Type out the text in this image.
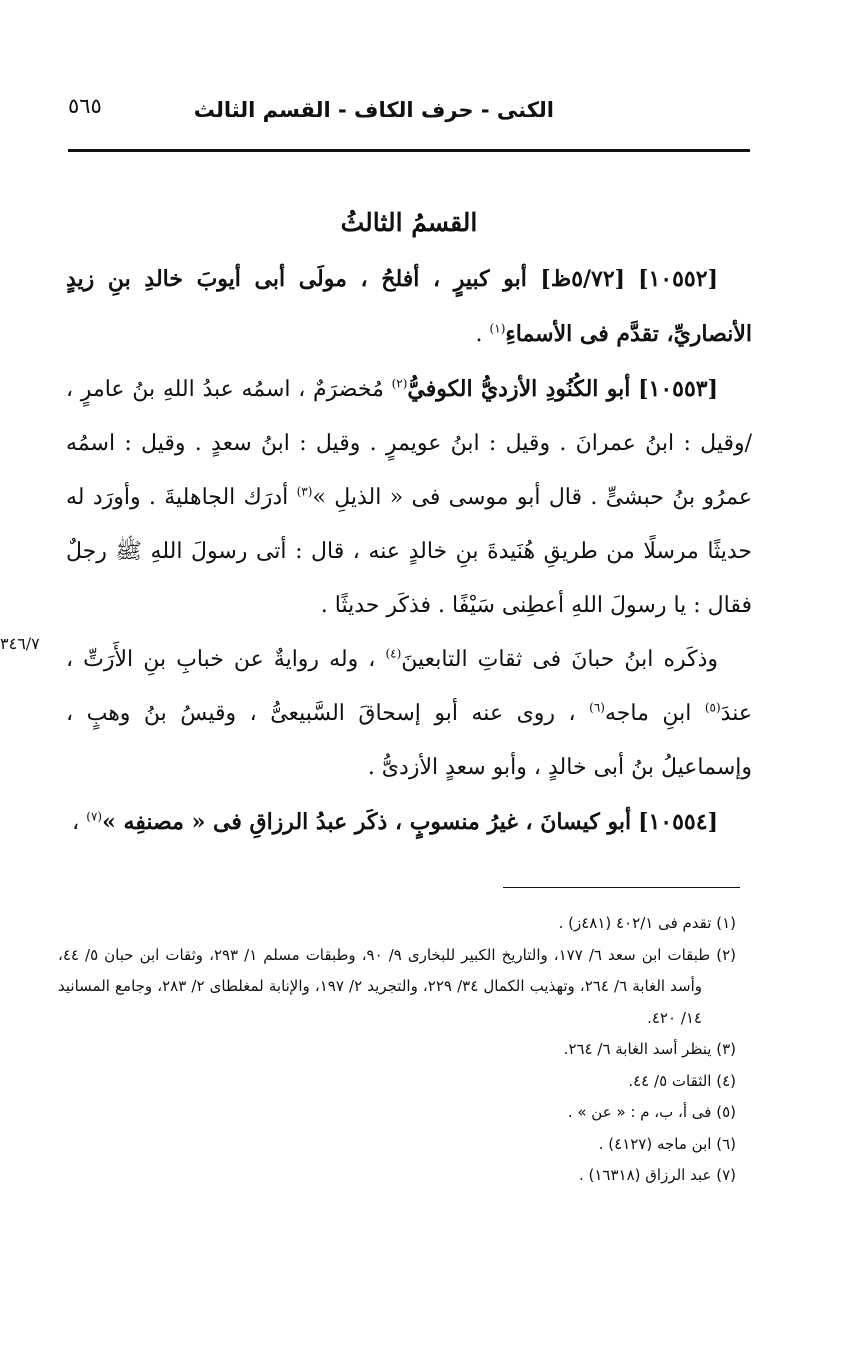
الكنى - حرف الكاف - القسم الثالث
٥٦٥
القسمُ الثالثُ

[١٠٥٥٢] [٥/٧٢ظ] أبو كبيرٍ ، أفلحُ ، مولَى أبى أيوبَ خالدِ بنِ زيدٍ الأنصاريِّ، تقدَّم فى الأسماءِ$^{(١)}$ .

[١٠٥٥٣] أبو الكُنُودِ الأزديُّ الكوفيُّ$^{(٢)}$ مُخضرَمٌ ، اسمُه عبدُ اللهِ بنُ عامرٍ ، /وقيل : ابنُ عمرانَ . وقيل : ابنُ عويمرٍ . وقيل : ابنُ سعدٍ . وقيل : اسمُه عمرُو بنُ حبشىٍّ . قال أبو موسى فى « الذيلِ »$^{(٣)}$ أدرَك الجاهليةَ . وأورَد له حديثًا مرسلًا من طريقِ هُنَيدةَ بنِ خالدٍ عنه ، قال : أتى رسولَ اللهِ ﷺ رجلٌ فقال : يا رسولَ اللهِ أعطِنى سَيْفًا . فذكَر حديثًا .

وذكَره ابنُ حبانَ فى ثقاتِ التابعينَ$^{(٤)}$ ، وله روايةٌ عن خبابِ بنِ الأَرَتِّ ، عندَ$^{(٥)}$ ابنِ ماجه$^{(٦)}$ ، روى عنه أبو إسحاقَ السَّبيعىُّ ، وقيسُ بنُ وهبٍ ، وإسماعيلُ بنُ أبى خالدٍ ، وأبو سعدٍ الأزدىُّ .

[١٠٥٥٤] أبو كيسانَ ، غيرُ منسوبٍ ، ذكَر عبدُ الرزاقِ فى « مصنفِه »$^{(٧)}$ ،

٣٤٦/٧

(١) تقدم فى ٤٠٢/١ (٤٨١ز) .

(٢) طبقات ابن سعد ٦/ ١٧٧، والتاريخ الكبير للبخارى ٩/ ٩٠، وطبقات مسلم ١/ ٢٩٣، وثقات ابن حبان ٥/ ٤٤، وأسد الغابة ٦/ ٢٦٤، وتهذيب الكمال ٣٤/ ٢٢٩، والتجريد ٢/ ١٩٧، والإنابة لمغلطاى ٢/ ٢٨٣، وجامع المسانيد ١٤/ ٤٢٠.

(٣) ينظر أسد الغابة ٦/ ٢٦٤.

(٤) الثقات ٥/ ٤٤.

(٥) فى أ، ب، م : « عن » .

(٦) ابن ماجه (٤١٢٧) .

(٧) عبد الرزاق (١٦٣١٨) .
